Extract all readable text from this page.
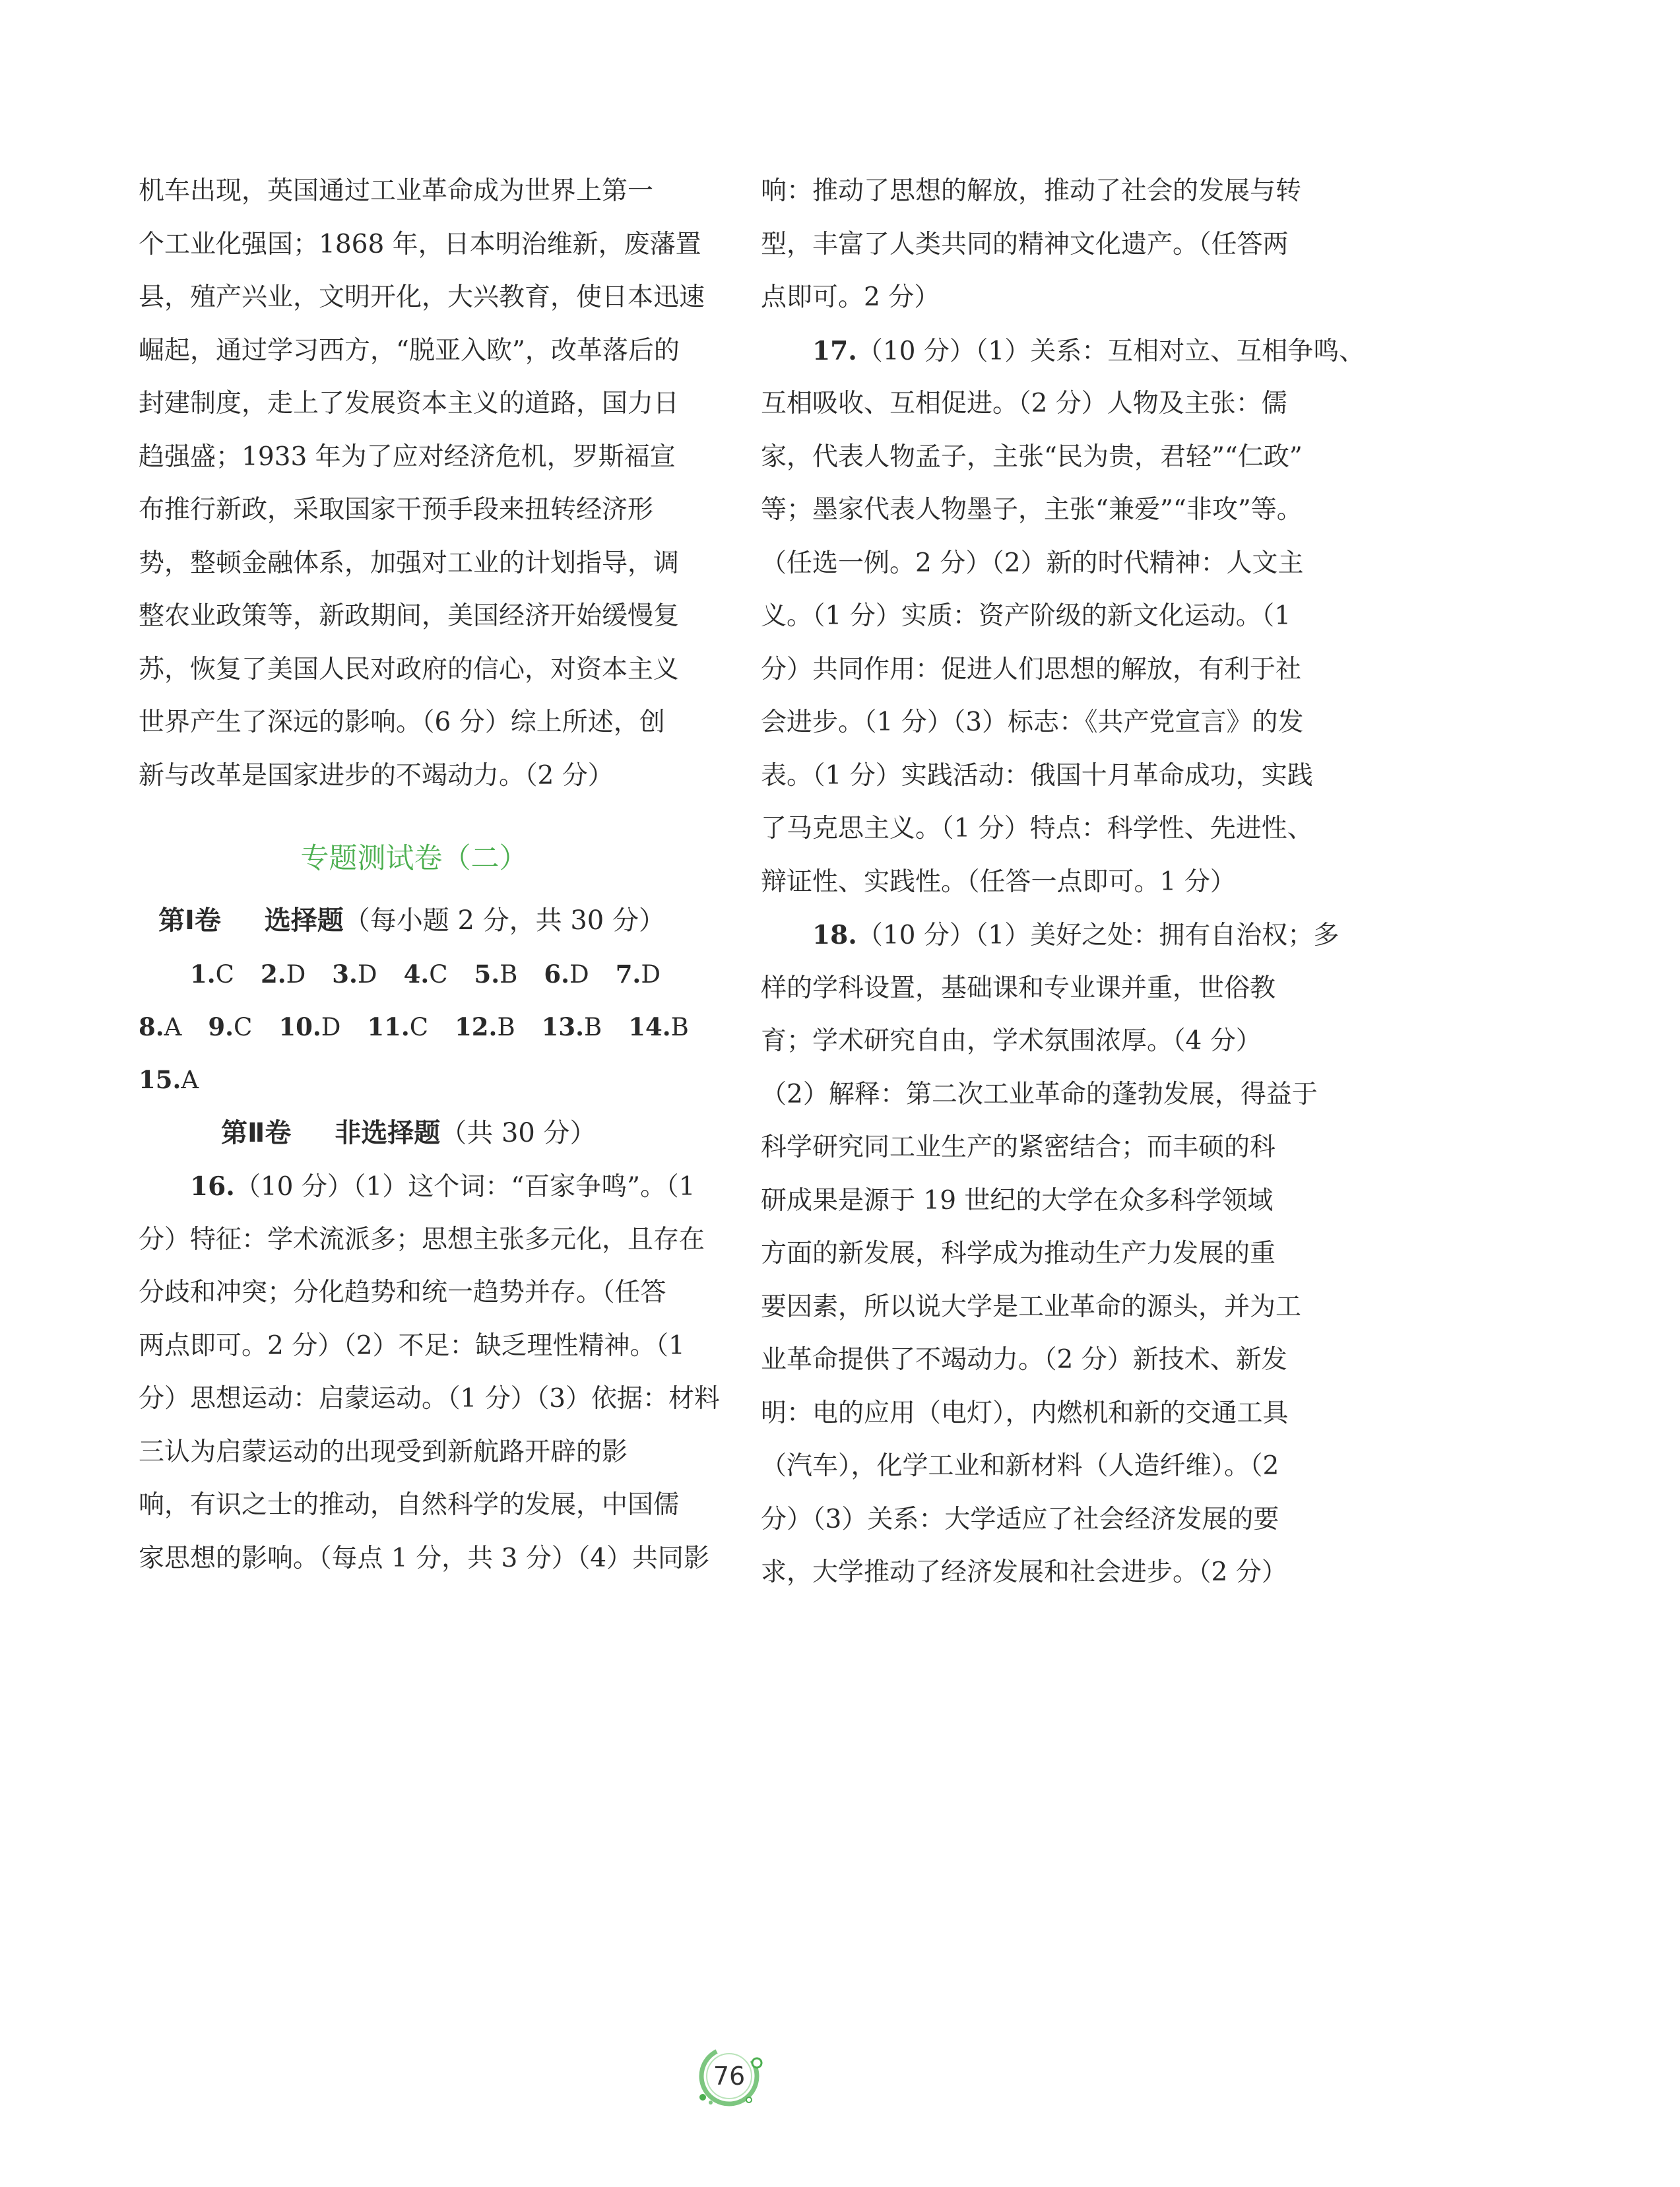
机车出现，英国通过工业革命成为世界上第一
个工业化强国；1868 年，日本明治维新，废藩置
县，殖产兴业，文明开化，大兴教育，使日本迅速
崛起，通过学习西方，“脱亚入欧”，改革落后的
封建制度，走上了发展资本主义的道路，国力日
趋强盛；1933 年为了应对经济危机，罗斯福宣
布推行新政，采取国家干预手段来扭转经济形
势，整顿金融体系，加强对工业的计划指导，调
整农业政策等，新政期间，美国经济开始缓慢复
苏，恢复了美国人民对政府的信心，对资本主义
世界产生了深远的影响。（6 分）综上所述，创
新与改革是国家进步的不竭动力。（2 分）
专题测试卷（二）
第Ⅰ卷 选择题（每小题 2 分，共 30 分）
1.C 2.D 3.D 4.C 5.B 6.D 7.D
8.A 9.C 10.D 11.C 12.B 13.B 14.B
15.A
第Ⅱ卷 非选择题（共 30 分）
16.（10 分）（1）这个词：“百家争鸣”。（1
分）特征：学术流派多；思想主张多元化，且存在
分歧和冲突；分化趋势和统一趋势并存。（任答
两点即可。2 分）（2）不足：缺乏理性精神。（1
分）思想运动：启蒙运动。（1 分）（3）依据：材料
三认为启蒙运动的出现受到新航路开辟的影
响，有识之士的推动，自然科学的发展，中国儒
家思想的影响。（每点 1 分，共 3 分）（4）共同影
响：推动了思想的解放，推动了社会的发展与转
型，丰富了人类共同的精神文化遗产。（任答两
点即可。2 分）
17.（10 分）（1）关系：互相对立、互相争鸣、
互相吸收、互相促进。（2 分）人物及主张：儒
家，代表人物孟子，主张“民为贵，君轻”“仁政”
等；墨家代表人物墨子，主张“兼爱”“非攻”等。
（任选一例。2 分）（2）新的时代精神：人文主
义。（1 分）实质：资产阶级的新文化运动。（1
分）共同作用：促进人们思想的解放，有利于社
会进步。（1 分）（3）标志：《共产党宣言》的发
表。（1 分）实践活动：俄国十月革命成功，实践
了马克思主义。（1 分）特点：科学性、先进性、
辩证性、实践性。（任答一点即可。1 分）
18.（10 分）（1）美好之处：拥有自治权；多
样的学科设置，基础课和专业课并重，世俗教
育；学术研究自由，学术氛围浓厚。（4 分）
（2）解释：第二次工业革命的蓬勃发展，得益于
科学研究同工业生产的紧密结合；而丰硕的科
研成果是源于 19 世纪的大学在众多科学领域
方面的新发展，科学成为推动生产力发展的重
要因素，所以说大学是工业革命的源头，并为工
业革命提供了不竭动力。（2 分）新技术、新发
明：电的应用（电灯），内燃机和新的交通工具
（汽车），化学工业和新材料（人造纤维）。（2
分）（3）关系：大学适应了社会经济发展的要
求，大学推动了经济发展和社会进步。（2 分）
76
